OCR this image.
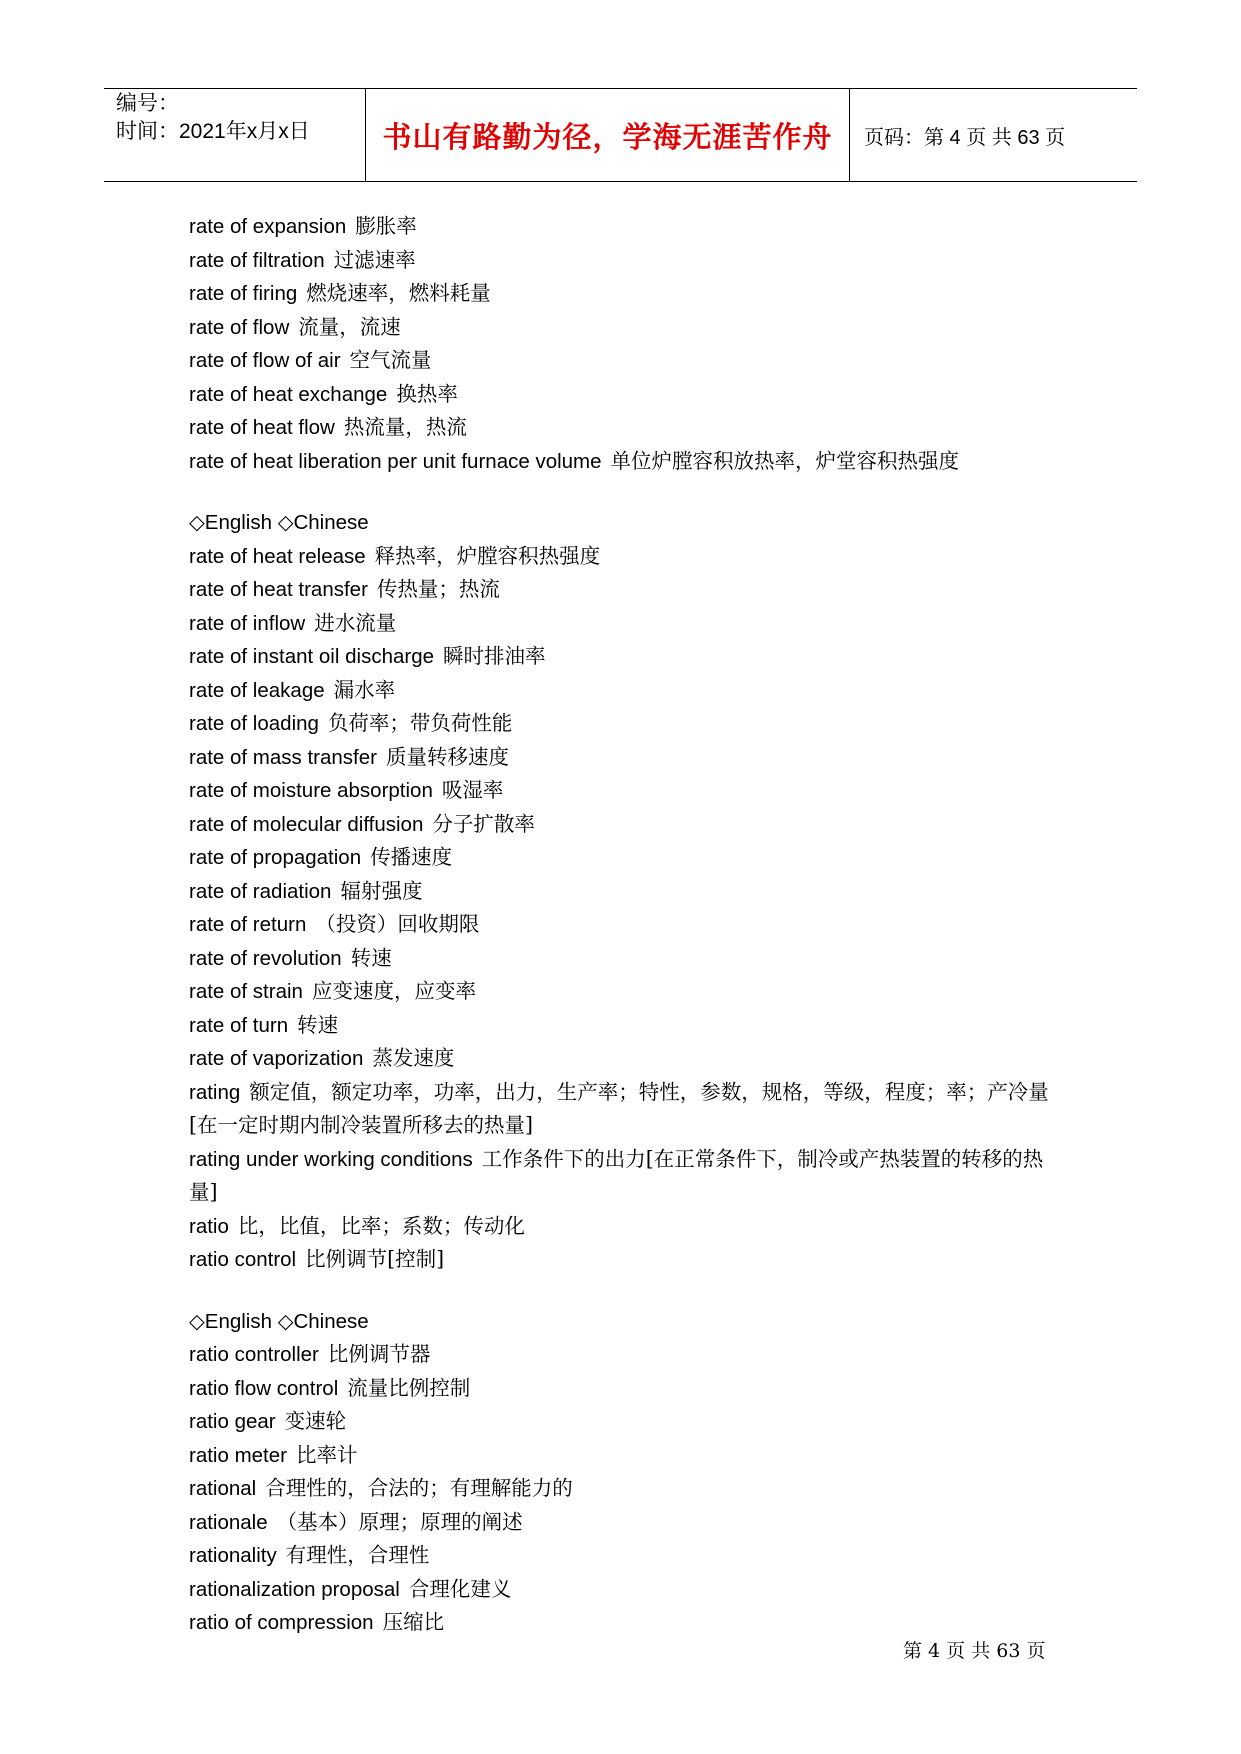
编号：
时间：2021年x月x日	书山有路勤为径，学海无涯苦作舟 页码：第 4 页 共 63 页
rate of expansion 膨胀率
rate of filtration 过滤速率
rate of firing 燃烧速率，燃料耗量
rate of flow 流量，流速
rate of flow of air 空气流量
rate of heat exchange 换热率
rate of heat flow 热流量，热流
rate of heat liberation per unit furnace volume 单位炉膛容积放热率，炉堂容积热强度
◇English ◇Chinese
rate of heat release 释热率，炉膛容积热强度
rate of heat transfer 传热量；热流
rate of inflow 进水流量
rate of instant oil discharge 瞬时排油率
rate of leakage 漏水率
rate of loading 负荷率；带负荷性能
rate of mass transfer 质量转移速度
rate of moisture absorption 吸湿率
rate of molecular diffusion 分子扩散率
rate of propagation 传播速度
rate of radiation 辐射强度
rate of return （投资）回收期限
rate of revolution 转速
rate of strain 应变速度，应变率
rate of turn 转速
rate of vaporization 蒸发速度
rating 额定值，额定功率，功率，出力，生产率；特性，参数，规格，等级，程度；率；产冷量[在一定时期内制冷装置所移去的热量]
rating under working conditions 工作条件下的出力[在正常条件下，制冷或产热装置的转移的热量]
ratio 比，比值，比率；系数；传动化
ratio control 比例调节[控制]
◇English ◇Chinese
ratio controller 比例调节器
ratio flow control 流量比例控制
ratio gear 变速轮
ratio meter 比率计
rational 合理性的，合法的；有理解能力的
rationale （基本）原理；原理的阐述
rationality 有理性，合理性
rationalization proposal 合理化建义
ratio of compression 压缩比
第 4 页 共 63 页
